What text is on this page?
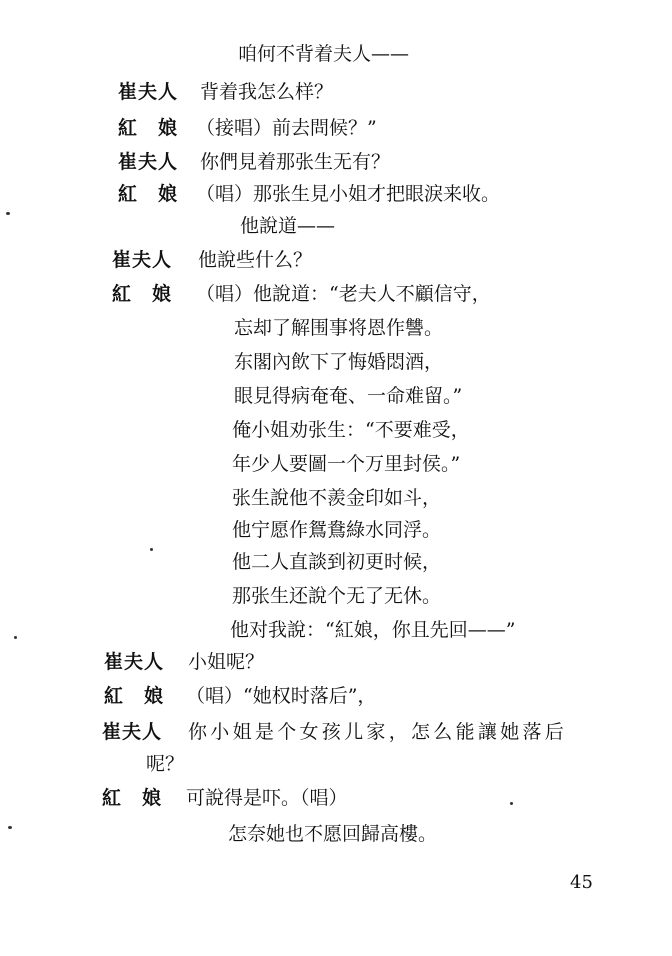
咱何不背着夫人——
崔夫人 背着我怎么样？
紅　娘 （接唱）前去問候？”
崔夫人 你們見着那张生无有？
紅　娘 （唱）那张生見小姐才把眼淚来收。
他說道——
崔夫人 他說些什么？
紅　娘 （唱）他說道：“老夫人不顧信守，
忘却了解围事将恩作讐。
东閣內飲下了悔婚悶酒，
眼見得病奄奄、一命难留。”
俺小姐劝张生：“不要难受，
年少人要圖一个万里封侯。”
张生說他不羨金印如斗，
他宁愿作鴛鴦綠水同浮。
他二人直談到初更时候，
那张生还說个无了无休。
他对我說：“紅娘，你且先回——”
崔夫人 小姐呢？
紅　娘 （唱）“她权时落后”，
崔夫人 你小姐是个女孩儿家，怎么能讓她落后
呢？
紅　娘 可說得是吓。（唱）
怎奈她也不愿回歸高樓。
45
